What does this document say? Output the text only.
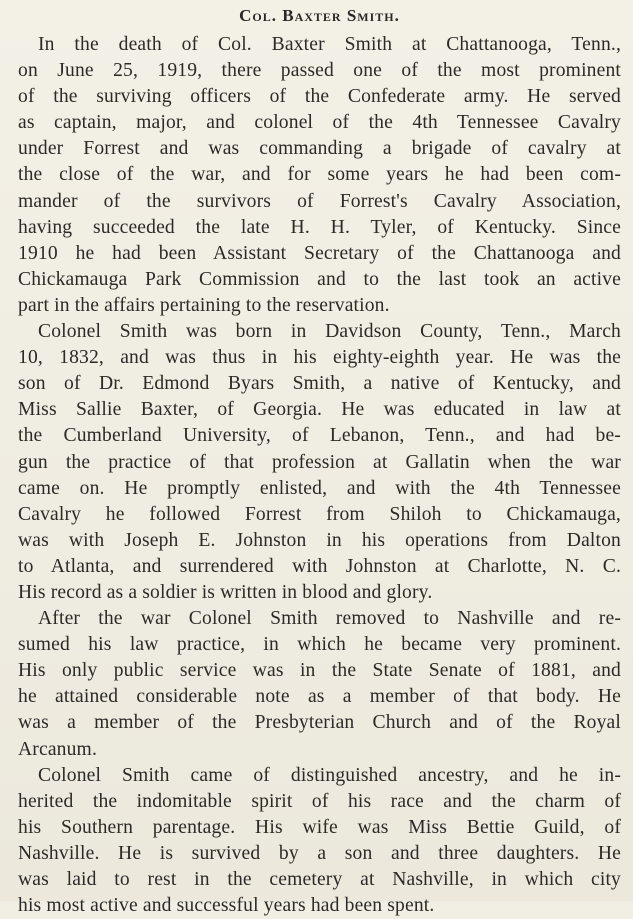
Col. Baxter Smith.
In the death of Col. Baxter Smith at Chattanooga, Tenn.,
on June 25, 1919, there passed one of the most prominent
of the surviving officers of the Confederate army. He served
as captain, major, and colonel of the 4th Tennessee Cavalry
under Forrest and was commanding a brigade of cavalry at
the close of the war, and for some years he had been com-
mander of the survivors of Forrest's Cavalry Association,
having succeeded the late H. H. Tyler, of Kentucky. Since
1910 he had been Assistant Secretary of the Chattanooga and
Chickamauga Park Commission and to the last took an active
part in the affairs pertaining to the reservation.
Colonel Smith was born in Davidson County, Tenn., March
10, 1832, and was thus in his eighty-eighth year. He was the
son of Dr. Edmond Byars Smith, a native of Kentucky, and
Miss Sallie Baxter, of Georgia. He was educated in law at
the Cumberland University, of Lebanon, Tenn., and had be-
gun the practice of that profession at Gallatin when the war
came on. He promptly enlisted, and with the 4th Tennessee
Cavalry he followed Forrest from Shiloh to Chickamauga,
was with Joseph E. Johnston in his operations from Dalton
to Atlanta, and surrendered with Johnston at Charlotte, N. C.
His record as a soldier is written in blood and glory.
After the war Colonel Smith removed to Nashville and re-
sumed his law practice, in which he became very prominent.
His only public service was in the State Senate of 1881, and
he attained considerable note as a member of that body. He
was a member of the Presbyterian Church and of the Royal
Arcanum.
Colonel Smith came of distinguished ancestry, and he in-
herited the indomitable spirit of his race and the charm of
his Southern parentage. His wife was Miss Bettie Guild, of
Nashville. He is survived by a son and three daughters. He
was laid to rest in the cemetery at Nashville, in which city
his most active and successful years had been spent.
